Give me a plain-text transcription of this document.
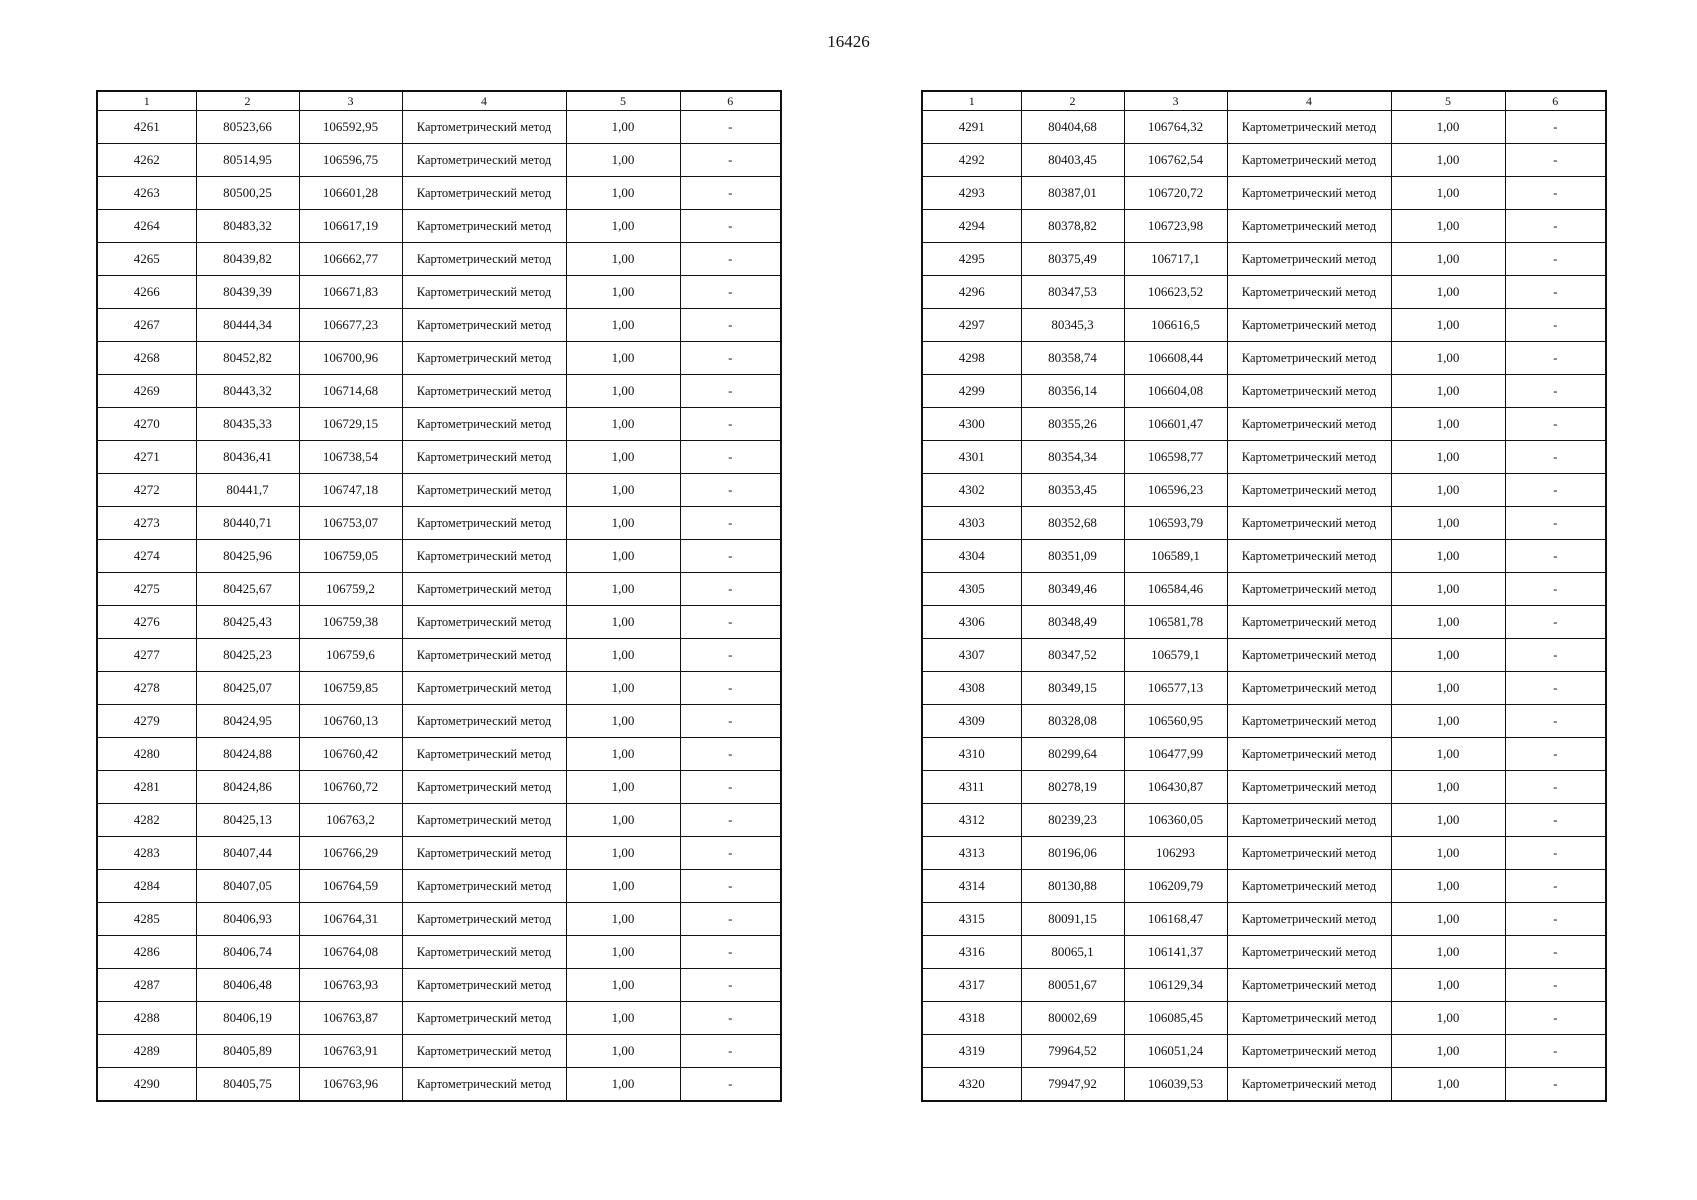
16426
1	2	3	4	5	6
4261	80523,66	106592,95	Картометрический метод	1,00	-
4262	80514,95	106596,75	Картометрический метод	1,00	-
4263	80500,25	106601,28	Картометрический метод	1,00	-
4264	80483,32	106617,19	Картометрический метод	1,00	-
4265	80439,82	106662,77	Картометрический метод	1,00	-
4266	80439,39	106671,83	Картометрический метод	1,00	-
4267	80444,34	106677,23	Картометрический метод	1,00	-
4268	80452,82	106700,96	Картометрический метод	1,00	-
4269	80443,32	106714,68	Картометрический метод	1,00	-
4270	80435,33	106729,15	Картометрический метод	1,00	-
4271	80436,41	106738,54	Картометрический метод	1,00	-
4272	80441,7	106747,18	Картометрический метод	1,00	-
4273	80440,71	106753,07	Картометрический метод	1,00	-
4274	80425,96	106759,05	Картометрический метод	1,00	-
4275	80425,67	106759,2	Картометрический метод	1,00	-
4276	80425,43	106759,38	Картометрический метод	1,00	-
4277	80425,23	106759,6	Картометрический метод	1,00	-
4278	80425,07	106759,85	Картометрический метод	1,00	-
4279	80424,95	106760,13	Картометрический метод	1,00	-
4280	80424,88	106760,42	Картометрический метод	1,00	-
4281	80424,86	106760,72	Картометрический метод	1,00	-
4282	80425,13	106763,2	Картометрический метод	1,00	-
4283	80407,44	106766,29	Картометрический метод	1,00	-
4284	80407,05	106764,59	Картометрический метод	1,00	-
4285	80406,93	106764,31	Картометрический метод	1,00	-
4286	80406,74	106764,08	Картометрический метод	1,00	-
4287	80406,48	106763,93	Картометрический метод	1,00	-
4288	80406,19	106763,87	Картометрический метод	1,00	-
4289	80405,89	106763,91	Картометрический метод	1,00	-
4290	80405,75	106763,96	Картометрический метод	1,00	-
1	2	3	4	5	6
4291	80404,68	106764,32	Картометрический метод	1,00	-
4292	80403,45	106762,54	Картометрический метод	1,00	-
4293	80387,01	106720,72	Картометрический метод	1,00	-
4294	80378,82	106723,98	Картометрический метод	1,00	-
4295	80375,49	106717,1	Картометрический метод	1,00	-
4296	80347,53	106623,52	Картометрический метод	1,00	-
4297	80345,3	106616,5	Картометрический метод	1,00	-
4298	80358,74	106608,44	Картометрический метод	1,00	-
4299	80356,14	106604,08	Картометрический метод	1,00	-
4300	80355,26	106601,47	Картометрический метод	1,00	-
4301	80354,34	106598,77	Картометрический метод	1,00	-
4302	80353,45	106596,23	Картометрический метод	1,00	-
4303	80352,68	106593,79	Картометрический метод	1,00	-
4304	80351,09	106589,1	Картометрический метод	1,00	-
4305	80349,46	106584,46	Картометрический метод	1,00	-
4306	80348,49	106581,78	Картометрический метод	1,00	-
4307	80347,52	106579,1	Картометрический метод	1,00	-
4308	80349,15	106577,13	Картометрический метод	1,00	-
4309	80328,08	106560,95	Картометрический метод	1,00	-
4310	80299,64	106477,99	Картометрический метод	1,00	-
4311	80278,19	106430,87	Картометрический метод	1,00	-
4312	80239,23	106360,05	Картометрический метод	1,00	-
4313	80196,06	106293	Картометрический метод	1,00	-
4314	80130,88	106209,79	Картометрический метод	1,00	-
4315	80091,15	106168,47	Картометрический метод	1,00	-
4316	80065,1	106141,37	Картометрический метод	1,00	-
4317	80051,67	106129,34	Картометрический метод	1,00	-
4318	80002,69	106085,45	Картометрический метод	1,00	-
4319	79964,52	106051,24	Картометрический метод	1,00	-
4320	79947,92	106039,53	Картометрический метод	1,00	-
